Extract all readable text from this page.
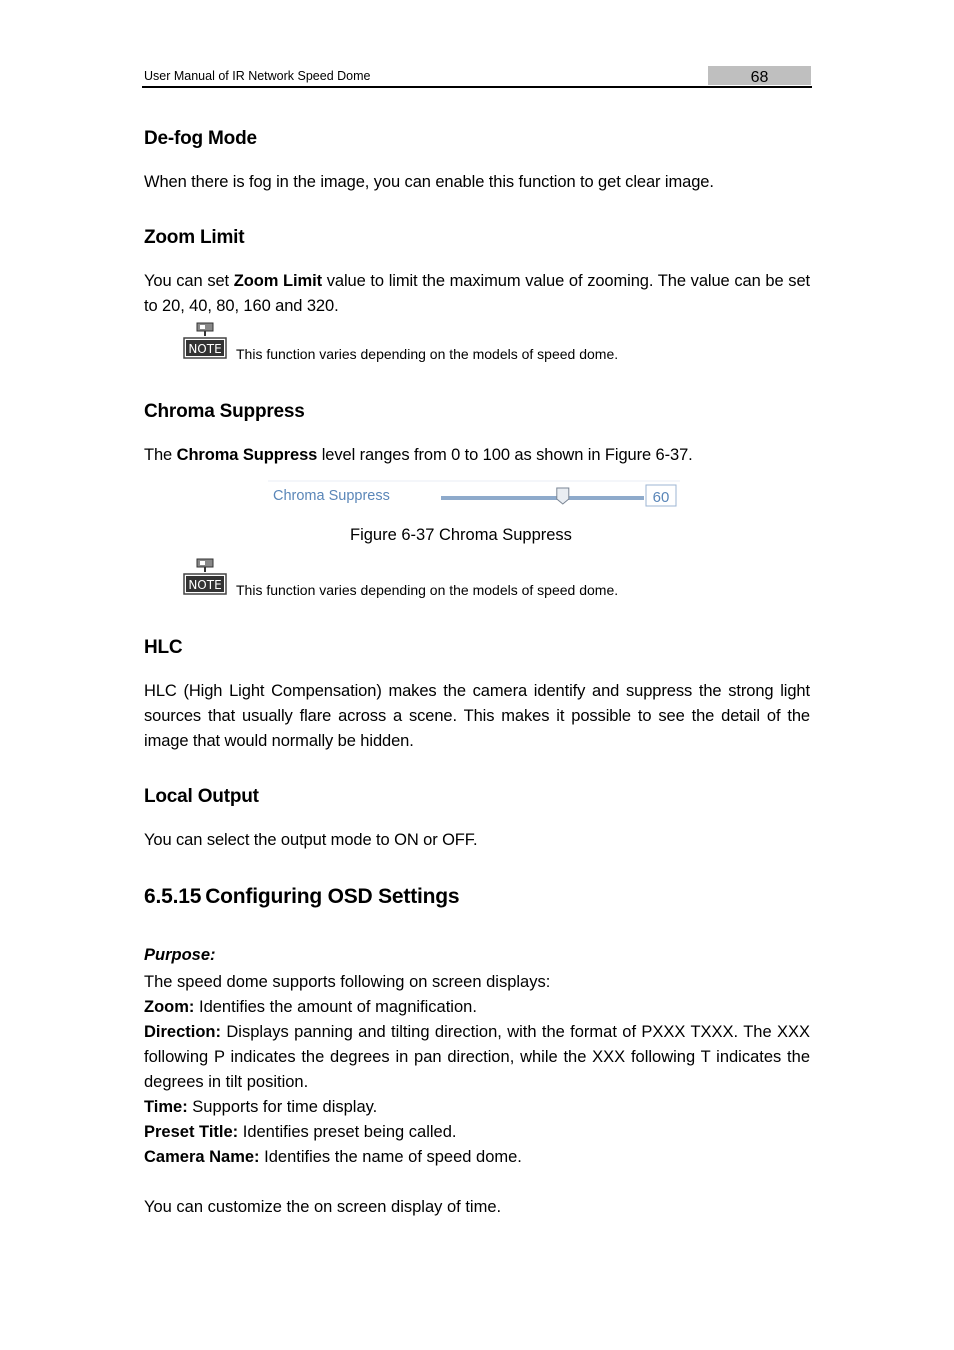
User Manual of IR Network Speed Dome	68
De-fog Mode
When there is fog in the image, you can enable this function to get clear image.
Zoom Limit
You can set Zoom Limit value to limit the maximum value of zooming. The value can be set to 20, 40, 80, 160 and 320.
NOTE This function varies depending on the models of speed dome.
Chroma Suppress
The Chroma Suppress level ranges from 0 to 100 as shown in Figure 6-37.
60
Chroma Suppress
Figure 6-37 Chroma Suppress
NOTE This function varies depending on the models of speed dome.
HLC
HLC (High Light Compensation) makes the camera identify and suppress the strong light sources that usually flare across a scene. This makes it possible to see the detail of the image that would normally be hidden.
Local Output
You can select the output mode to ON or OFF.
6.5.15 Configuring OSD Settings
Purpose:
The speed dome supports following on screen displays:
Zoom: Identifies the amount of magnification.
Direction: Displays panning and tilting direction, with the format of PXXX TXXX. The XXX following P indicates the degrees in pan direction, while the XXX following T indicates the degrees in tilt position.
Time: Supports for time display.
Preset Title: Identifies preset being called.
Camera Name: Identifies the name of speed dome.
You can customize the on screen display of time.
